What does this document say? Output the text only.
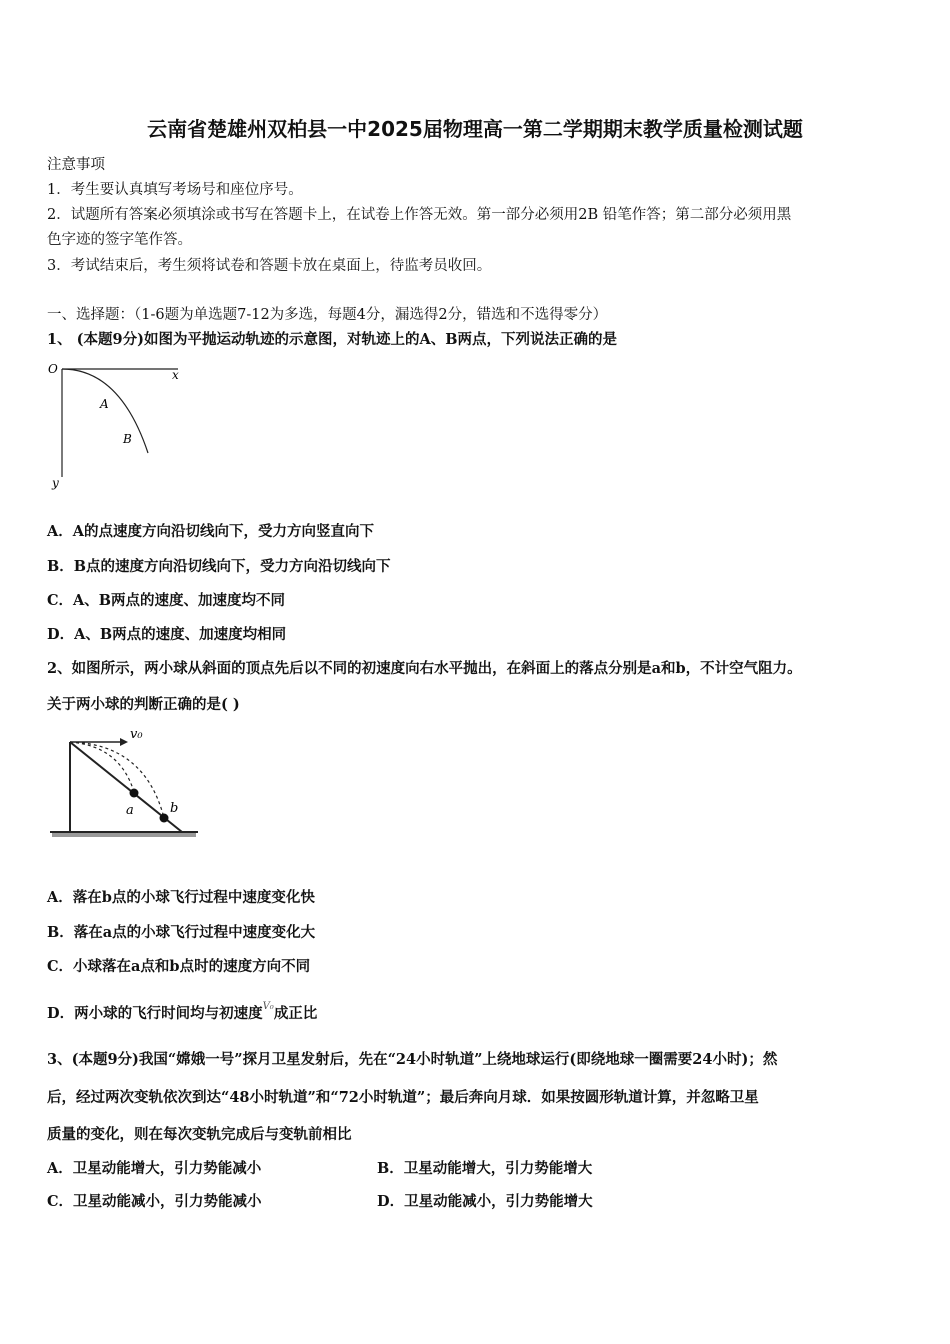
云南省楚雄州双柏县一中2025届物理高一第二学期期末教学质量检测试题
注意事项
1．考生要认真填写考场号和座位序号。
2．试题所有答案必须填涂或书写在答题卡上，在试卷上作答无效。第一部分必须用2B 铅笔作答；第二部分必须用黑
色字迹的签字笔作答。
3．考试结束后，考生须将试卷和答题卡放在桌面上，待监考员收回。
一、选择题：（1-6题为单选题7-12为多选，每题4分，漏选得2分，错选和不选得零分）
1、 (本题9分)如图为平抛运动轨迹的示意图，对轨迹上的A、B两点，下列说法正确的是
O	x
y
A
B
A．A的点速度方向沿切线向下，受力方向竖直向下
B．B点的速度方向沿切线向下，受力方向沿切线向下
C．A、B两点的速度、加速度均不同
D．A、B两点的速度、加速度均相同
2、如图所示，两小球从斜面的顶点先后以不同的初速度向右水平抛出，在斜面上的落点分别是a和b，不计空气阻力。
关于两小球的判断正确的是( )
v₀
a	b
A．落在b点的小球飞行过程中速度变化快
B．落在a点的小球飞行过程中速度变化大
C．小球落在a点和b点时的速度方向不同
D．两小球的飞行时间均与初速度$^{V_0}$成正比
3、(本题9分)我国“嫦娥一号”探月卫星发射后，先在“24小时轨道”上绕地球运行(即绕地球一圈需要24小时)；然
后，经过两次变轨依次到达“48小时轨道”和“72小时轨道”；最后奔向月球．如果按圆形轨道计算，并忽略卫星
质量的变化，则在每次变轨完成后与变轨前相比
A．卫星动能增大，引力势能减小	B．卫星动能增大，引力势能增大
C．卫星动能减小，引力势能减小	D．卫星动能减小，引力势能增大
